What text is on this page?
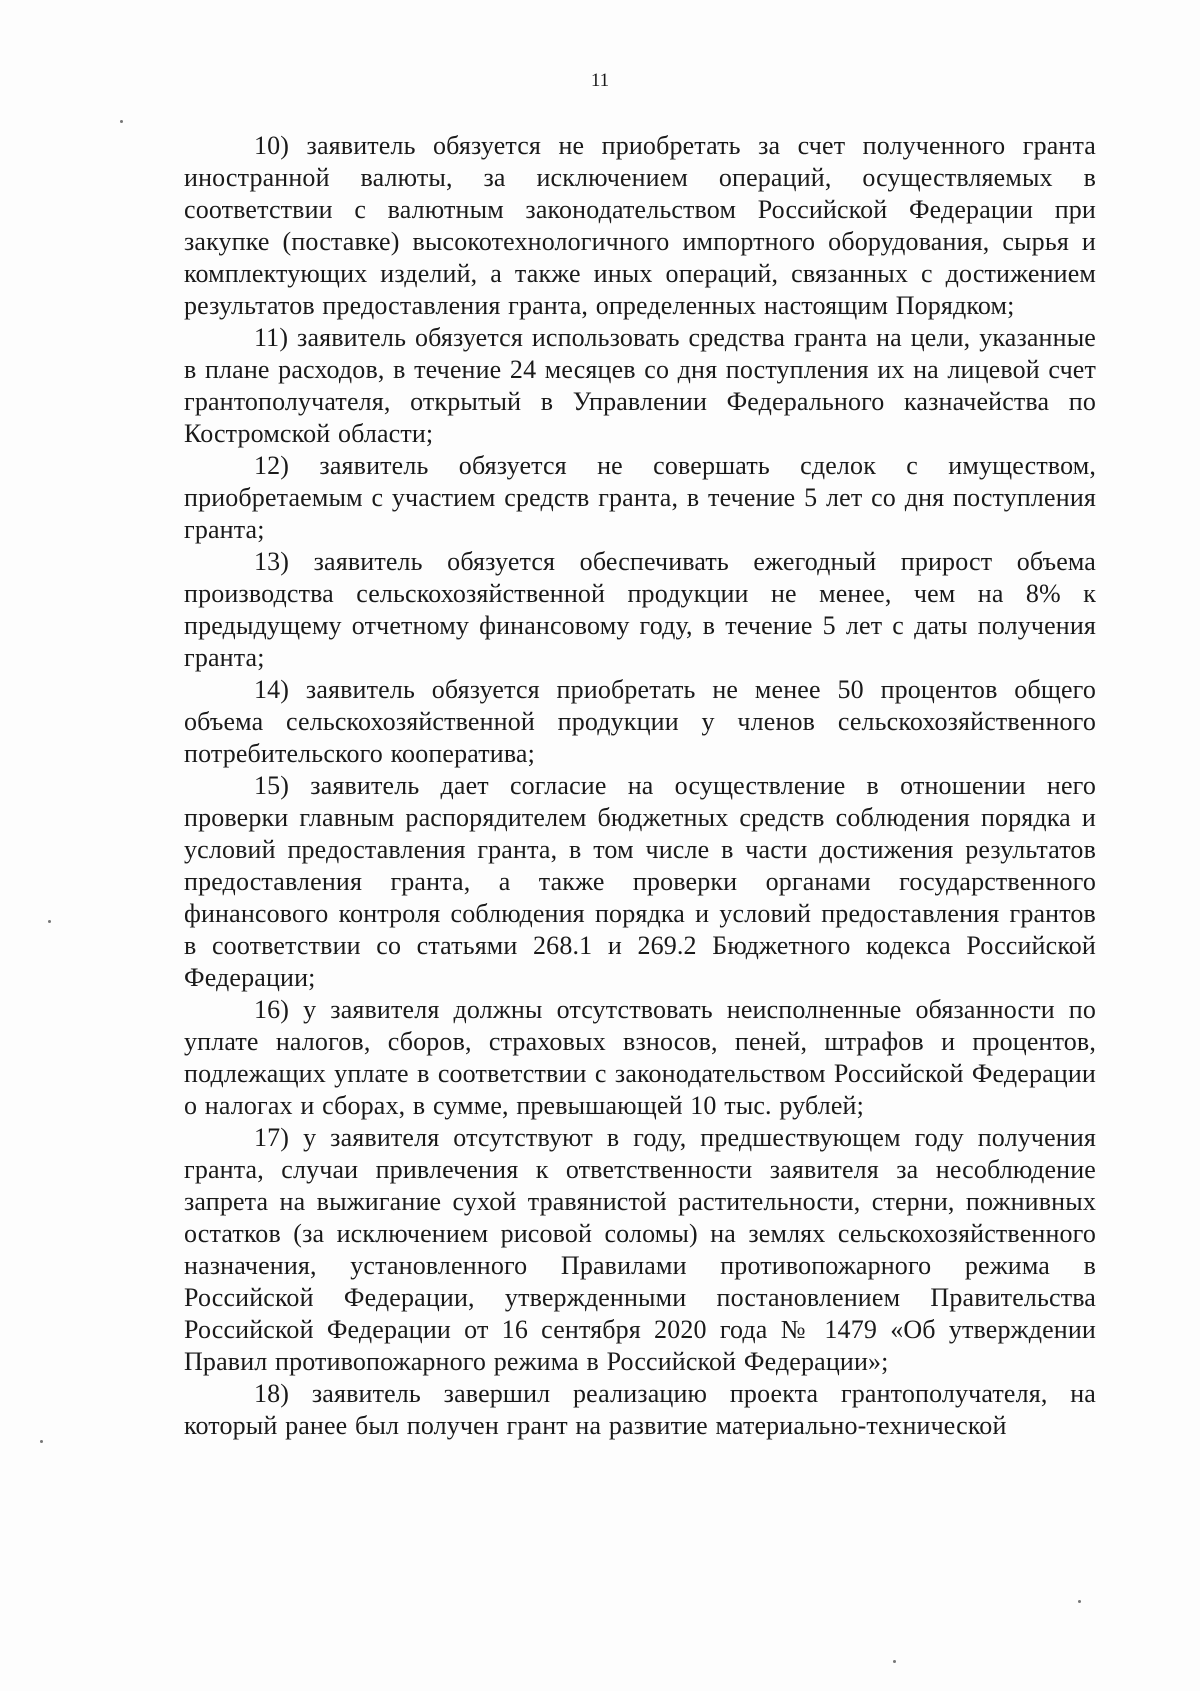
11

10) заявитель обязуется не приобретать за счет полученного гранта иностранной валюты, за исключением операций, осуществляемых в соответствии с валютным законодательством Российской Федерации при закупке (поставке) высокотехнологичного импортного оборудования, сырья и комплектующих изделий, а также иных операций, связанных с достижением результатов предоставления гранта, определенных настоящим Порядком;

11) заявитель обязуется использовать средства гранта на цели, указанные в плане расходов, в течение 24 месяцев со дня поступления их на лицевой счет грантополучателя, открытый в Управлении Федерального казначейства по Костромской области;

12) заявитель обязуется не совершать сделок с имуществом, приобретаемым с участием средств гранта, в течение 5 лет со дня поступления гранта;

13) заявитель обязуется обеспечивать ежегодный прирост объема производства сельскохозяйственной продукции не менее, чем на 8% к предыдущему отчетному финансовому году, в течение 5 лет с даты получения гранта;

14) заявитель обязуется приобретать не менее 50 процентов общего объема сельскохозяйственной продукции у членов сельскохозяйственного потребительского кооператива;

15) заявитель дает согласие на осуществление в отношении него проверки главным распорядителем бюджетных средств соблюдения порядка и условий предоставления гранта, в том числе в части достижения результатов предоставления гранта, а также проверки органами государственного финансового контроля соблюдения порядка и условий предоставления грантов в соответствии со статьями 268.1 и 269.2 Бюджетного кодекса Российской Федерации;

16) у заявителя должны отсутствовать неисполненные обязанности по уплате налогов, сборов, страховых взносов, пеней, штрафов и процентов, подлежащих уплате в соответствии с законодательством Российской Федерации о налогах и сборах, в сумме, превышающей 10 тыс. рублей;

17) у заявителя отсутствуют в году, предшествующем году получения гранта, случаи привлечения к ответственности заявителя за несоблюдение запрета на выжигание сухой травянистой растительности, стерни, пожнивных остатков (за исключением рисовой соломы) на землях сельскохозяйственного назначения, установленного Правилами противопожарного режима в Российской Федерации, утвержденными постановлением Правительства Российской Федерации от 16 сентября 2020 года № 1479 «Об утверждении Правил противопожарного режима в Российской Федерации»;

18) заявитель завершил реализацию проекта грантополучателя, на который ранее был получен грант на развитие материально-технической
